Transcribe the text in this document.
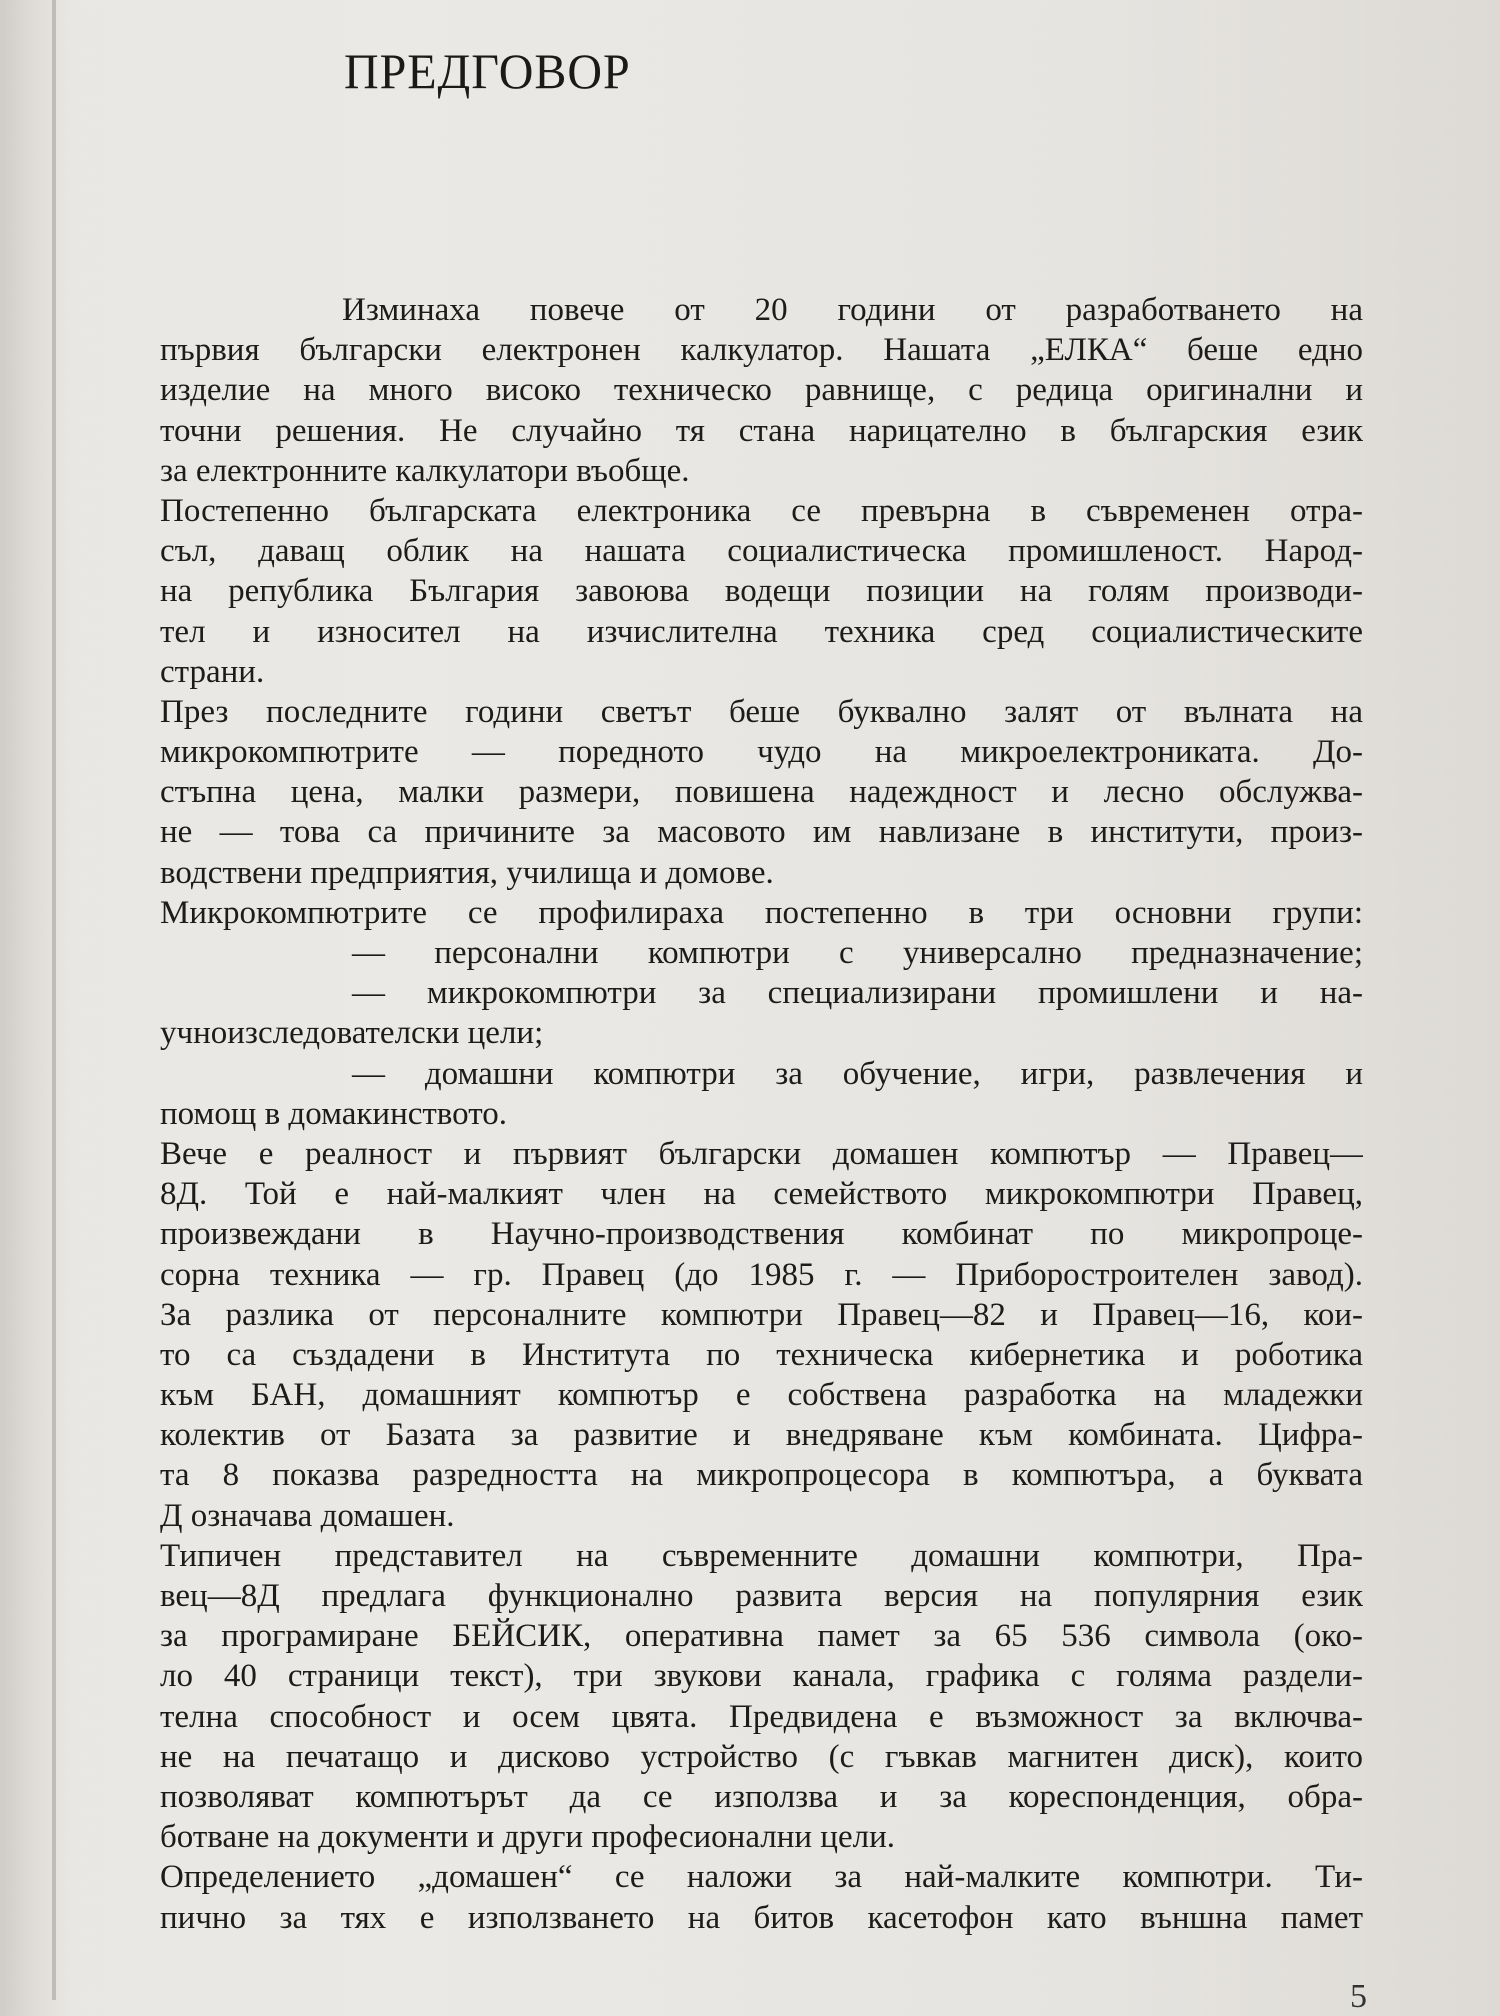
ПРЕДГОВОР
Изминаха повече от 20 години от разработването на
първия български електронен калкулатор. Нашата „ЕЛКА“ беше едно
изделие на много високо техническо равнище, с редица оригинални и
точни решения. Не случайно тя стана нарицателно в българския език
за електронните калкулатори въобще.
Постепенно българската електроника се превърна в съвременен отра-
съл, даващ облик на нашата социалистическа промишленост. Народ-
на република България завоюва водещи позиции на голям производи-
тел и износител на изчислителна техника сред социалистическите
страни.
През последните години светът беше буквално залят от вълната на
микрокомпютрите — поредното чудо на микроелектрониката. До-
стъпна цена, малки размери, повишена надеждност и лесно обслужва-
не — това са причините за масовото им навлизане в институти, произ-
водствени предприятия, училища и домове.
Микрокомпютрите се профилираха постепенно в три основни групи:
— персонални компютри с универсално предназначение;
— микрокомпютри за специализирани промишлени и на-
учноизследователски цели;
— домашни компютри за обучение, игри, развлечения и
помощ в домакинството.
Вече е реалност и първият български домашен компютър — Правец—
8Д. Той е най-малкият член на семейството микрокомпютри Правец,
произвеждани в Научно-производствения комбинат по микропроце-
сорна техника — гр. Правец (до 1985 г. — Приборостроителен завод).
За разлика от персоналните компютри Правец—82 и Правец—16, кои-
то са създадени в Института по техническа кибернетика и роботика
към БАН, домашният компютър е собствена разработка на младежки
колектив от Базата за развитие и внедряване към комбината. Цифра-
та 8 показва разредността на микропроцесора в компютъра, а буквата
Д означава домашен.
Типичен представител на съвременните домашни компютри, Пра-
вец—8Д предлага функционално развита версия на популярния език
за програмиране БЕЙСИК, оперативна памет за 65 536 символа (око-
ло 40 страници текст), три звукови канала, графика с голяма раздели-
телна способност и осем цвята. Предвидена е възможност за включва-
не на печатащо и дисково устройство (с гъвкав магнитен диск), които
позволяват компютърът да се използва и за кореспонденция, обра-
ботване на документи и други професионални цели.
Определението „домашен“ се наложи за най-малките компютри. Ти-
пично за тях е използването на битов касетофон като външна памет
5
